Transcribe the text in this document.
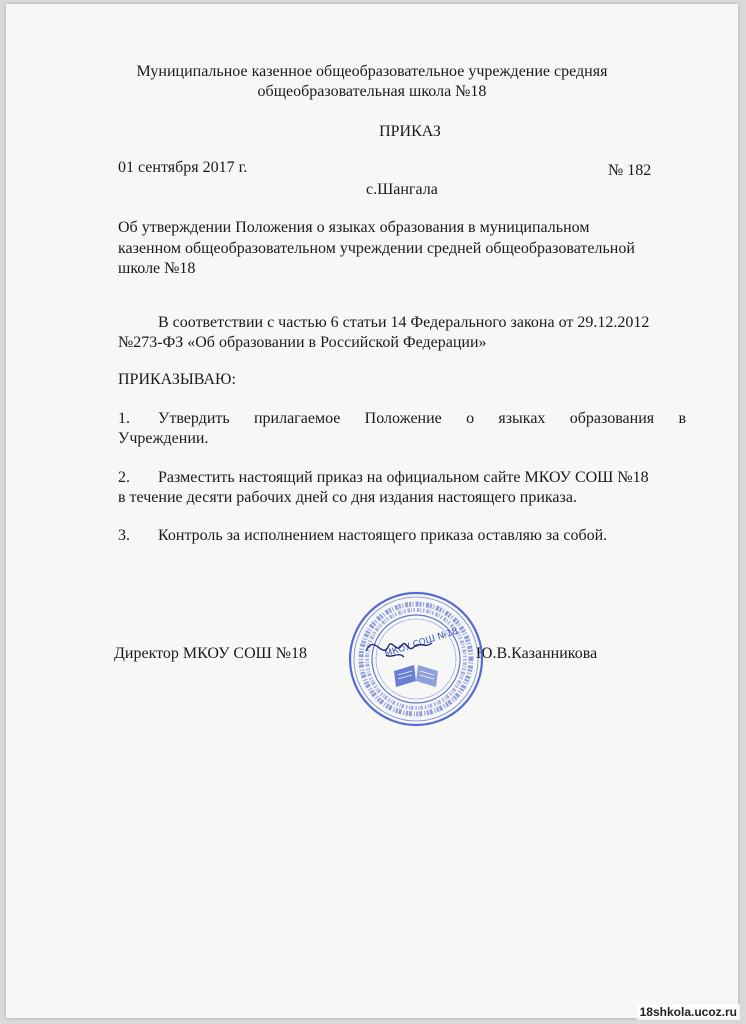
Муниципальное казенное общеобразовательное учреждение средняя
общеобразовательная школа №18
ПРИКАЗ
01 сентября 2017 г.	№ 182
с.Шангала
Об утверждении Положения о языках образования в муниципальном
казенном общеобразовательном учреждении средней общеобразовательной
школе №18
В соответствии с частью 6 статьи 14 Федерального закона от 29.12.2012
№273-ФЗ «Об образовании в Российской Федерации»
ПРИКАЗЫВАЮ:
1. Утвердить прилагаемое Положение о языках образования в
Учреждении.
2. Разместить настоящий приказ на официальном сайте МКОУ СОШ №18
в течение десяти рабочих дней со дня издания настоящего приказа.
3. Контроль за исполнением настоящего приказа оставляю за собой.
Директор МКОУ СОШ №18	Ю.В.Казанникова
МКОУ СОШ №18
18shkola.ucoz.ru
